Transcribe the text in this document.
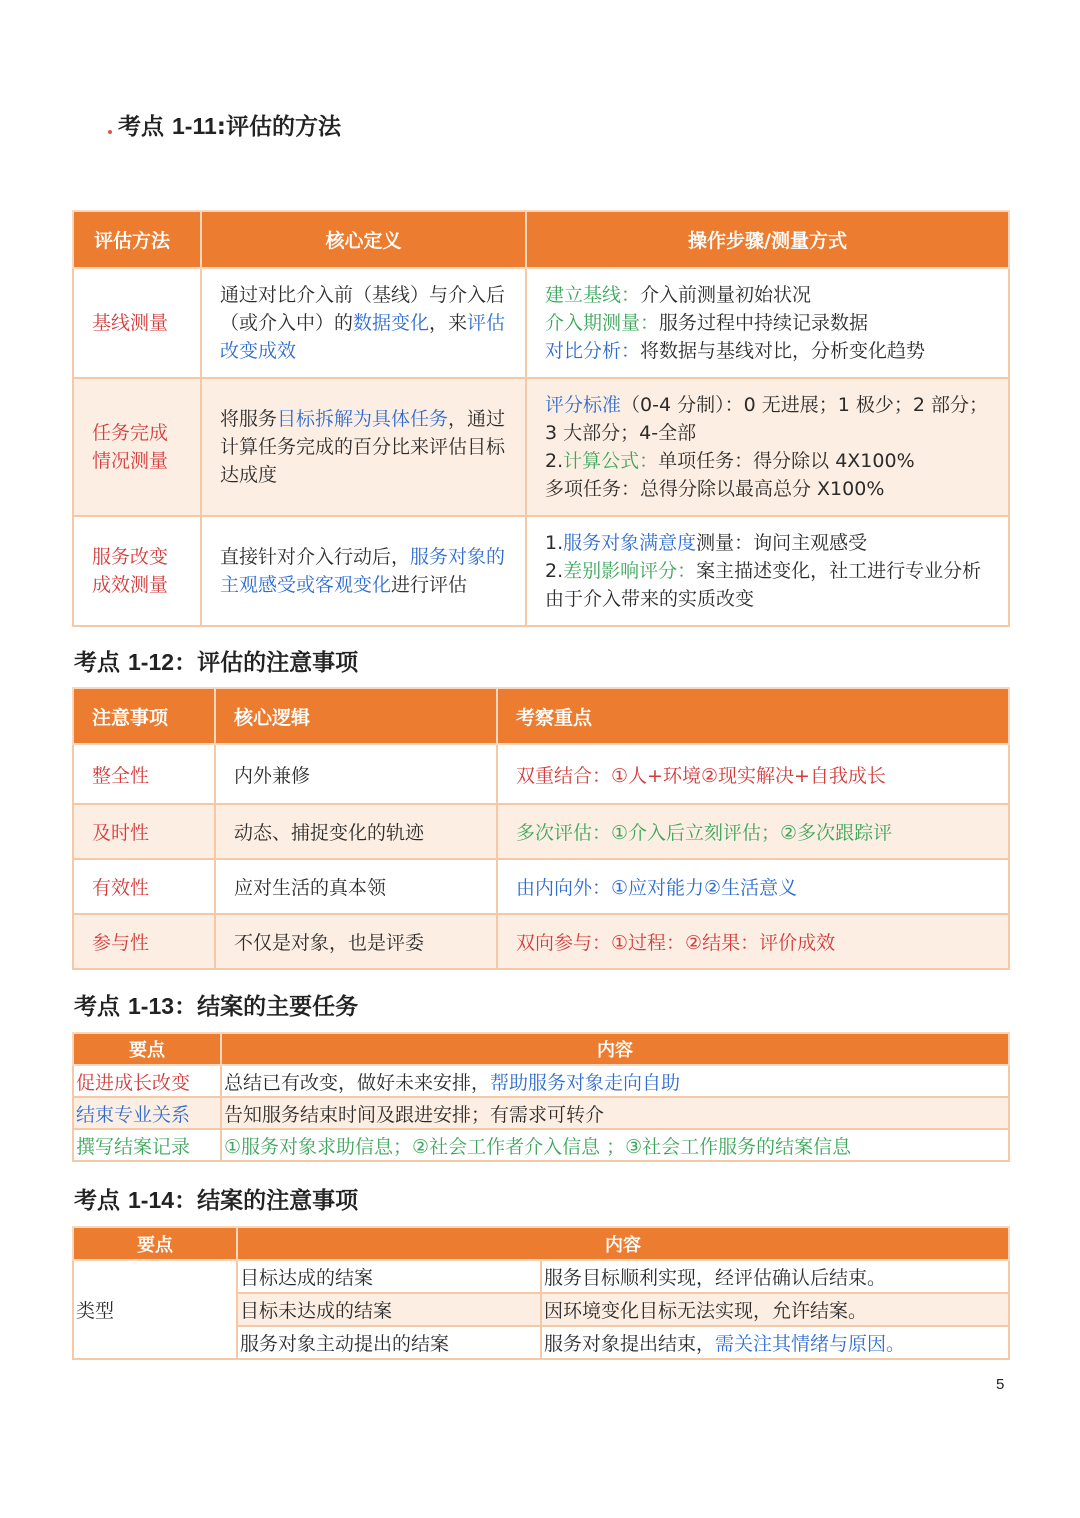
考点 1-11:评估的方法
评估方法	核心定义	操作步骤/测量方式
基线测量	通过对比介入前（基线）与介入后（或介入中）的数据变化，来评估改变成效	建立基线：介入前测量初始状况
介入期测量：服务过程中持续记录数据
对比分析：将数据与基线对比，分析变化趋势

任务完成情况测量	将服务目标拆解为具体任务，通过计算任务完成的百分比来评估目标达成度	评分标准（0-4 分制）：0 无进展；1 极少；2 部分；3 大部分；4-全部
2.计算公式：单项任务：得分除以 4X100%
多项任务：总得分除以最高总分 X100%

服务改变成效测量	直接针对介入行动后，服务对象的主观感受或客观变化进行评估	1.服务对象满意度测量：询问主观感受
2.差别影响评分：案主描述变化，社工进行专业分析由于介入带来的实质改变
考点 1-12：评估的注意事项
注意事项	核心逻辑	考察重点
整全性	内外兼修	双重结合：①人+环境②现实解决+自我成长
及时性	动态、捕捉变化的轨迹	多次评估：①介入后立刻评估；②多次跟踪评
有效性	应对生活的真本领	由内向外：①应对能力②生活意义
参与性	不仅是对象，也是评委	双向参与：①过程：②结果：评价成效
考点 1-13：结案的主要任务
要点	内容
促进成长改变	总结已有改变，做好未来安排，帮助服务对象走向自助
结束专业关系	告知服务结束时间及跟进安排；有需求可转介
撰写结案记录	①服务对象求助信息；②社会工作者介入信息 ；③社会工作服务的结案信息
考点 1-14：结案的注意事项
要点	内容	
类型	目标达成的结案	服务目标顺利实现，经评估确认后结束。
	目标未达成的结案	因环境变化目标无法实现，允许结案。
	服务对象主动提出的结案	服务对象提出结束，需关注其情绪与原因。
5
